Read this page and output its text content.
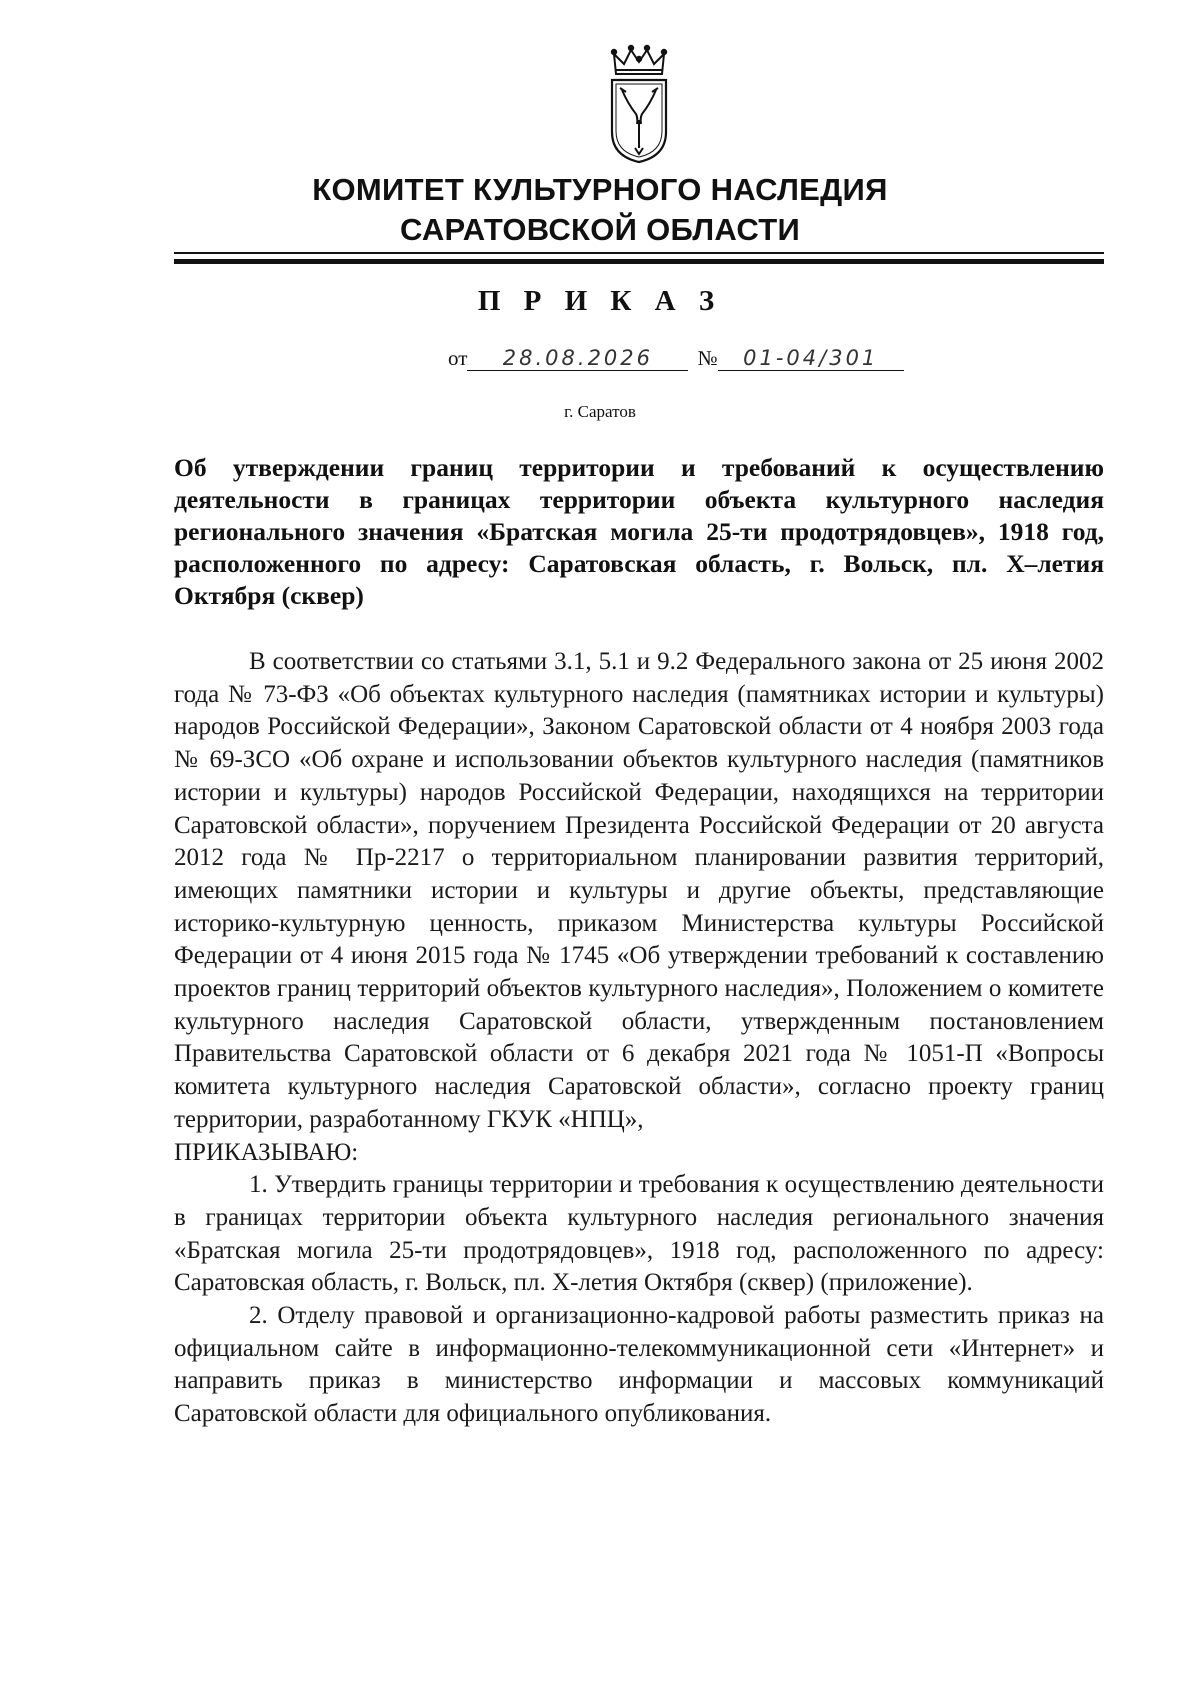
КОМИТЕТ КУЛЬТУРНОГО НАСЛЕДИЯ
САРАТОВСКОЙ ОБЛАСТИ
П Р И К А З
от 28.08.2026 № 01-04/301
г. Саратов
Об утверждении границ территории и требований к осуществлению деятельности в границах территории объекта культурного наследия регионального значения «Братская могила 25-ти продотрядовцев», 1918 год, расположенного по адресу: Саратовская область, г. Вольск, пл. Х–летия Октября (сквер)

В соответствии со статьями 3.1, 5.1 и 9.2 Федерального закона от 25 июня 2002 года № 73-ФЗ «Об объектах культурного наследия (памятниках истории и культуры) народов Российской Федерации», Законом Саратовской области от 4 ноября 2003 года № 69-ЗСО «Об охране и использовании объектов культурного наследия (памятников истории и культуры) народов Российской Федерации, находящихся на территории Саратовской области», поручением Президента Российской Федерации от 20 августа 2012 года № Пр-2217 о территориальном планировании развития территорий, имеющих памятники истории и культуры и другие объекты, представляющие историко-культурную ценность, приказом Министерства культуры Российской Федерации от 4 июня 2015 года № 1745 «Об утверждении требований к составлению проектов границ территорий объектов культурного наследия», Положением о комитете культурного наследия Саратовской области, утвержденным постановлением Правительства Саратовской области от 6 декабря 2021 года № 1051-П «Вопросы комитета культурного наследия Саратовской области», согласно проекту границ территории, разработанному ГКУК «НПЦ»,

ПРИКАЗЫВАЮ:

1. Утвердить границы территории и требования к осуществлению деятельности в границах территории объекта культурного наследия регионального значения «Братская могила 25-ти продотрядовцев», 1918 год, расположенного по адресу: Саратовская область, г. Вольск, пл. Х-летия Октября (сквер) (приложение).

2. Отделу правовой и организационно-кадровой работы разместить приказ на официальном сайте в информационно-телекоммуникационной сети «Интернет» и направить приказ в министерство информации и массовых коммуникаций Саратовской области для официального опубликования.
